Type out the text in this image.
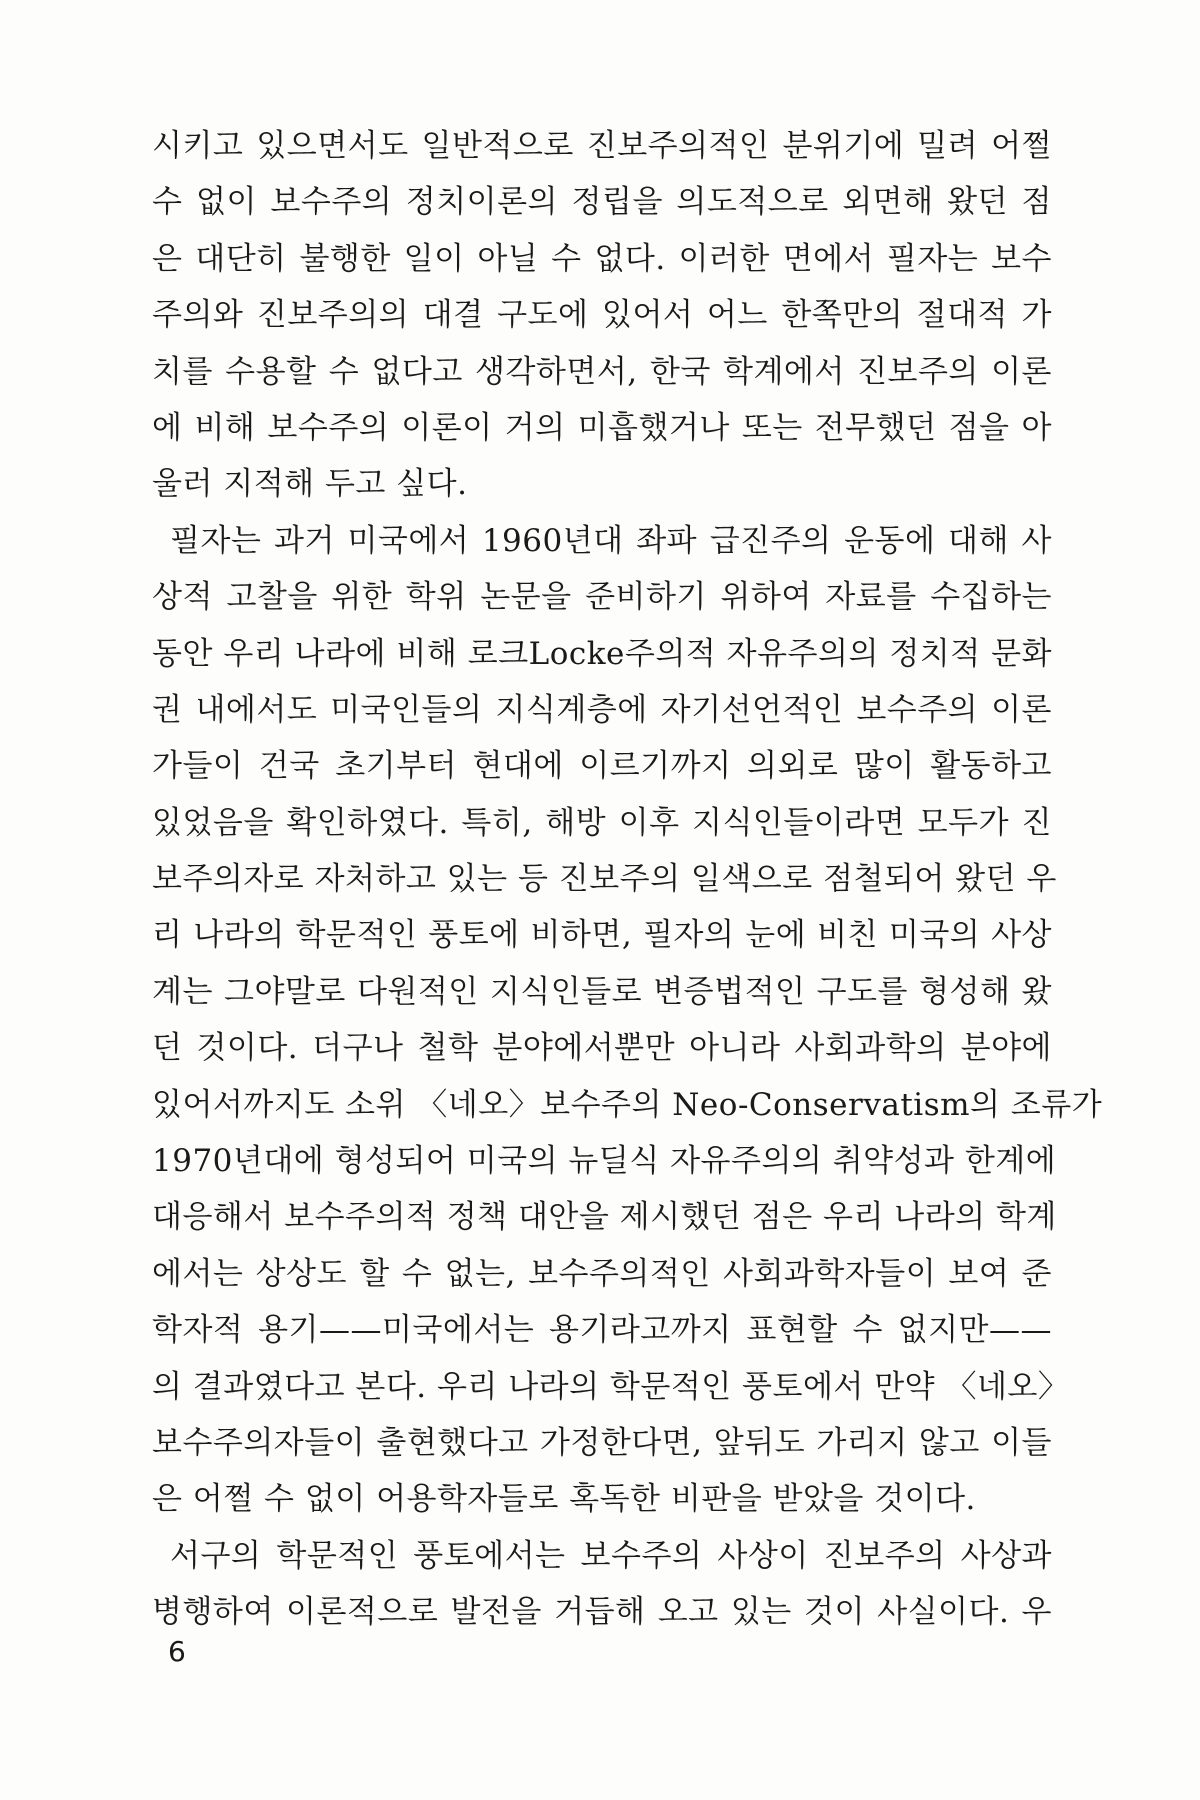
시키고 있으면서도 일반적으로 진보주의적인 분위기에 밀려 어쩔
수 없이 보수주의 정치이론의 정립을 의도적으로 외면해 왔던 점
은 대단히 불행한 일이 아닐 수 없다. 이러한 면에서 필자는 보수
주의와 진보주의의 대결 구도에 있어서 어느 한쪽만의 절대적 가
치를 수용할 수 없다고 생각하면서, 한국 학계에서 진보주의 이론
에 비해 보수주의 이론이 거의 미흡했거나 또는 전무했던 점을 아
울러 지적해 두고 싶다.
필자는 과거 미국에서 1960년대 좌파 급진주의 운동에 대해 사
상적 고찰을 위한 학위 논문을 준비하기 위하여 자료를 수집하는
동안 우리 나라에 비해 로크Locke주의적 자유주의의 정치적 문화
권 내에서도 미국인들의 지식계층에 자기선언적인 보수주의 이론
가들이 건국 초기부터 현대에 이르기까지 의외로 많이 활동하고
있었음을 확인하였다. 특히, 해방 이후 지식인들이라면 모두가 진
보주의자로 자처하고 있는 등 진보주의 일색으로 점철되어 왔던 우
리 나라의 학문적인 풍토에 비하면, 필자의 눈에 비친 미국의 사상
계는 그야말로 다원적인 지식인들로 변증법적인 구도를 형성해 왔
던 것이다. 더구나 철학 분야에서뿐만 아니라 사회과학의 분야에
있어서까지도 소위 〈네오〉보수주의 Neo-Conservatism의 조류가
1970년대에 형성되어 미국의 뉴딜식 자유주의의 취약성과 한계에
대응해서 보수주의적 정책 대안을 제시했던 점은 우리 나라의 학계
에서는 상상도 할 수 없는, 보수주의적인 사회과학자들이 보여 준
학자적 용기——미국에서는 용기라고까지 표현할 수 없지만——
의 결과였다고 본다. 우리 나라의 학문적인 풍토에서 만약 〈네오〉
보수주의자들이 출현했다고 가정한다면, 앞뒤도 가리지 않고 이들
은 어쩔 수 없이 어용학자들로 혹독한 비판을 받았을 것이다.
서구의 학문적인 풍토에서는 보수주의 사상이 진보주의 사상과
병행하여 이론적으로 발전을 거듭해 오고 있는 것이 사실이다. 우
6
